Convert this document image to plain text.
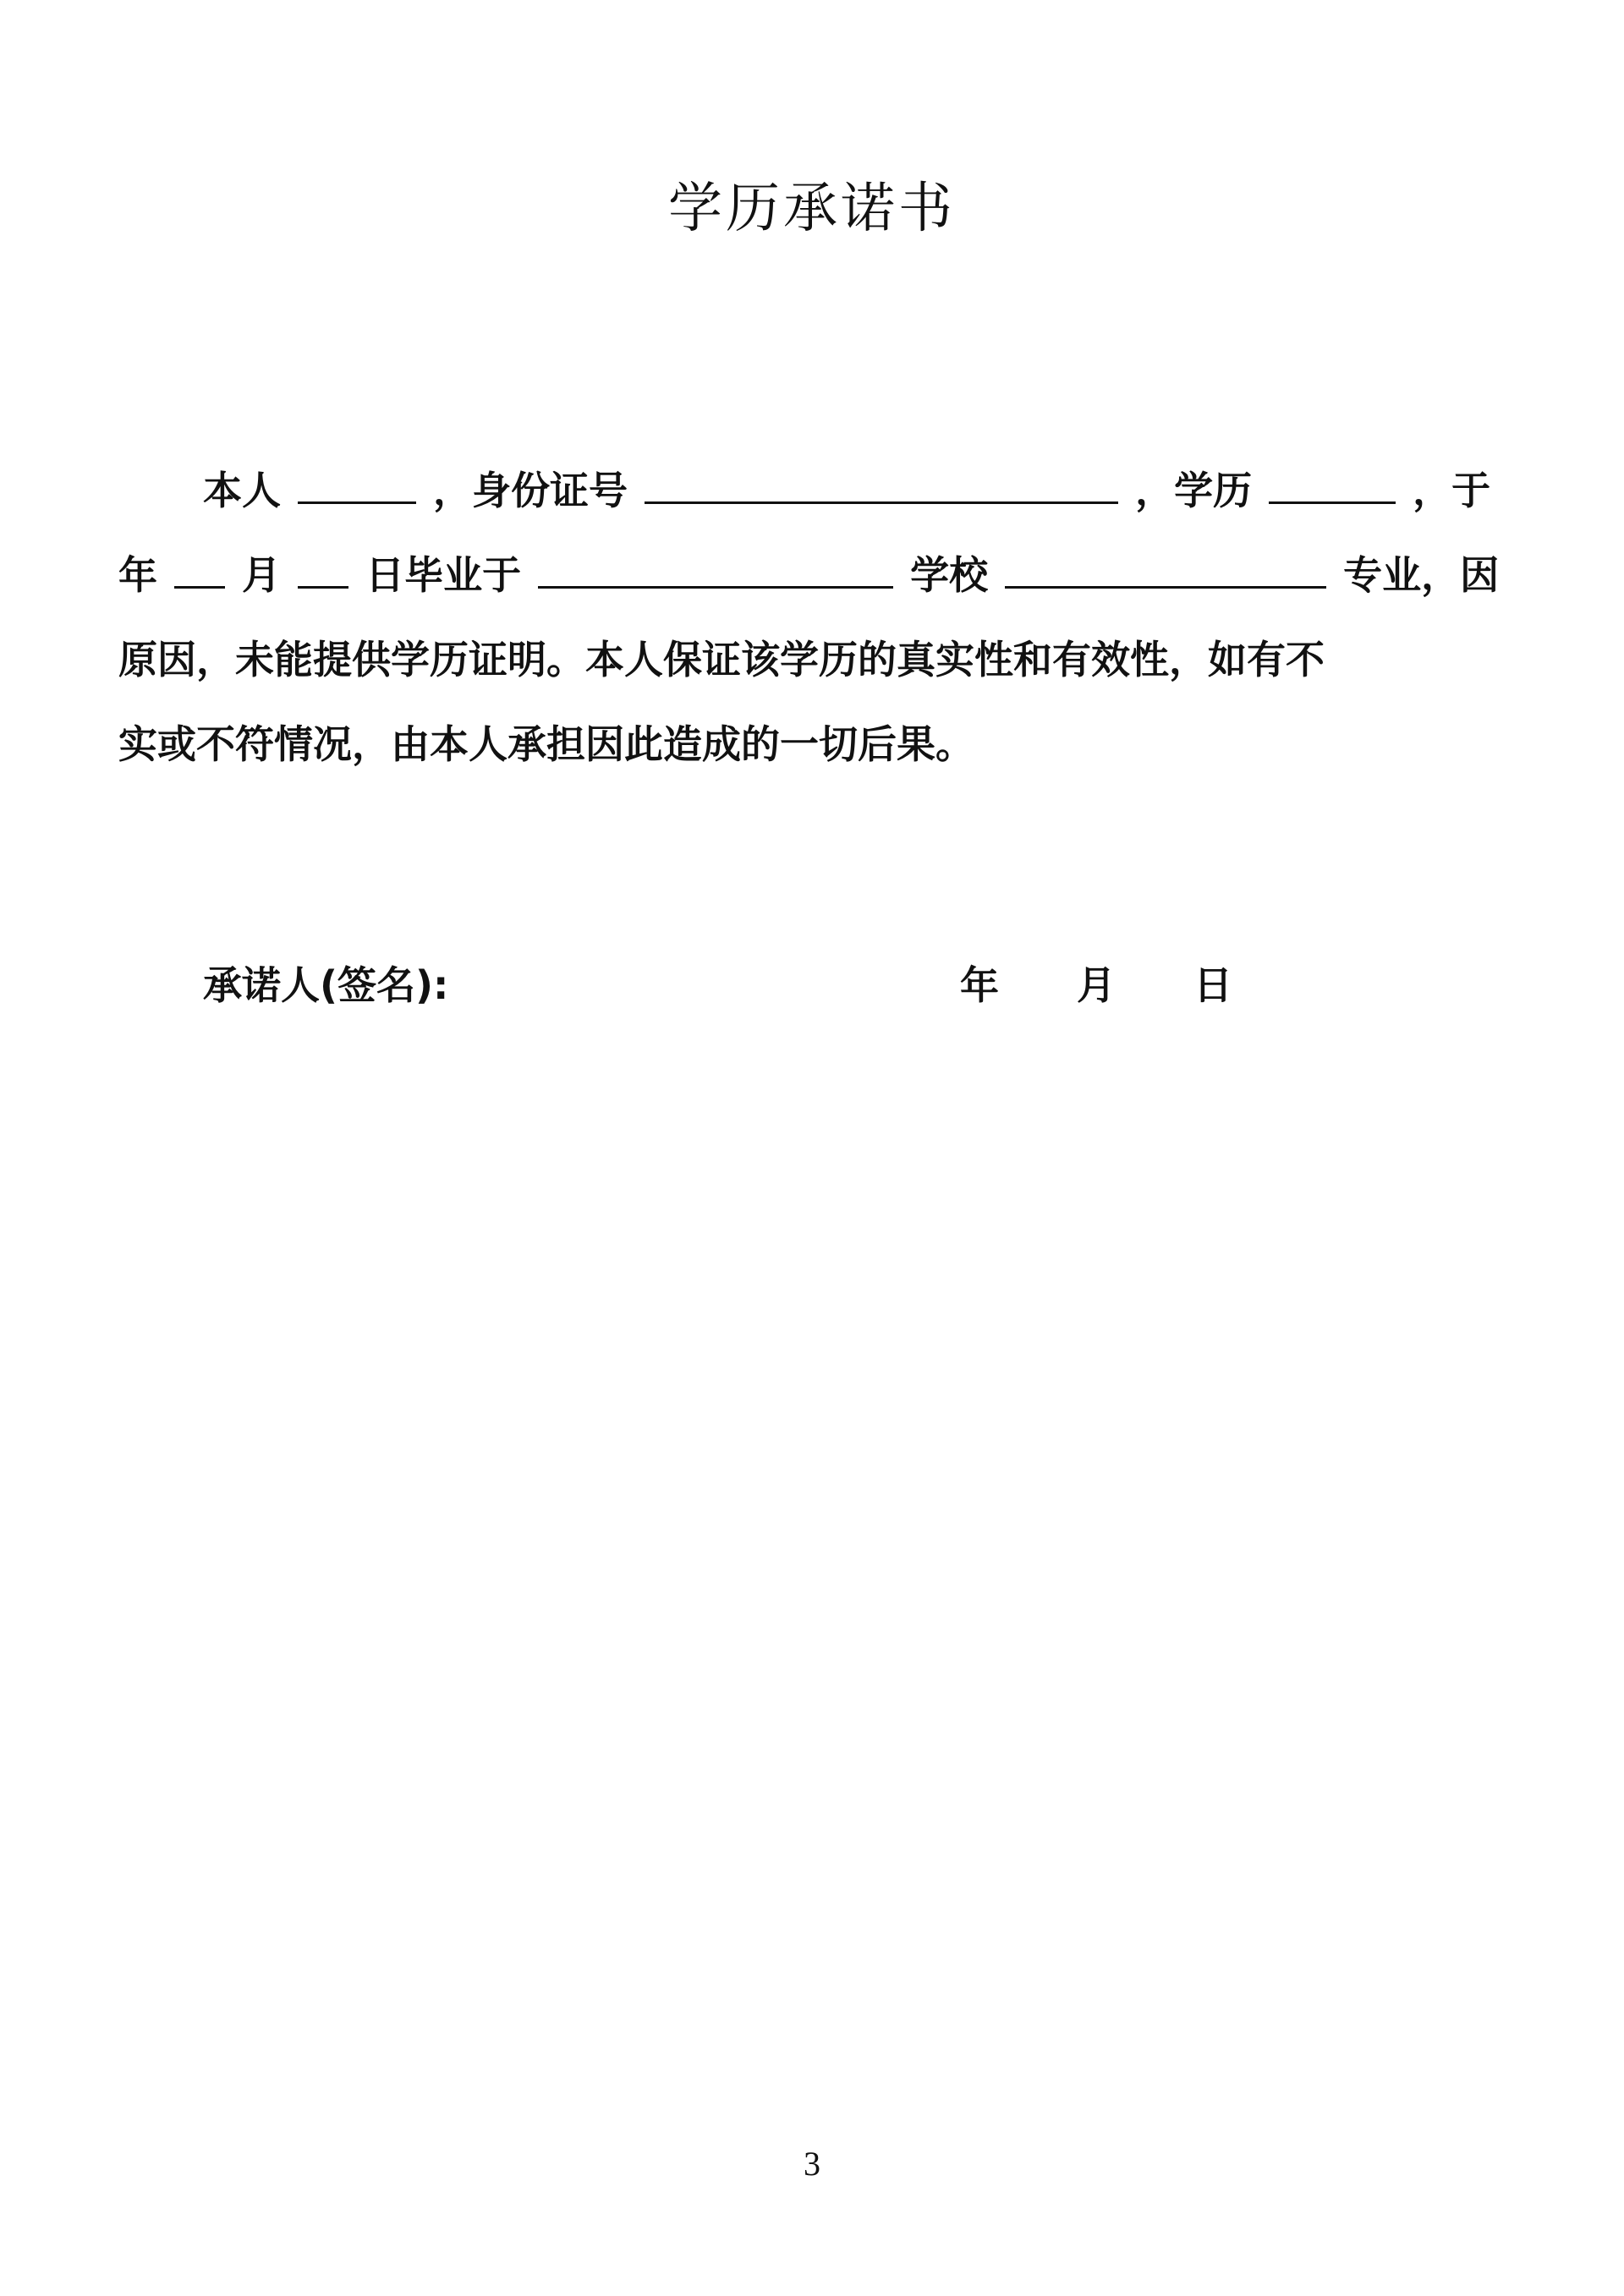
学历承诺书
本人	，身份证号	，学历	，于
年 月 日毕业于	学校	专业，因
原因，未能提供学历证明。本人保证该学历的真实性和有效性，如有不
实或不符情况，由本人承担因此造成的一切后果。
承诺人(签名):	年 月 日
3
